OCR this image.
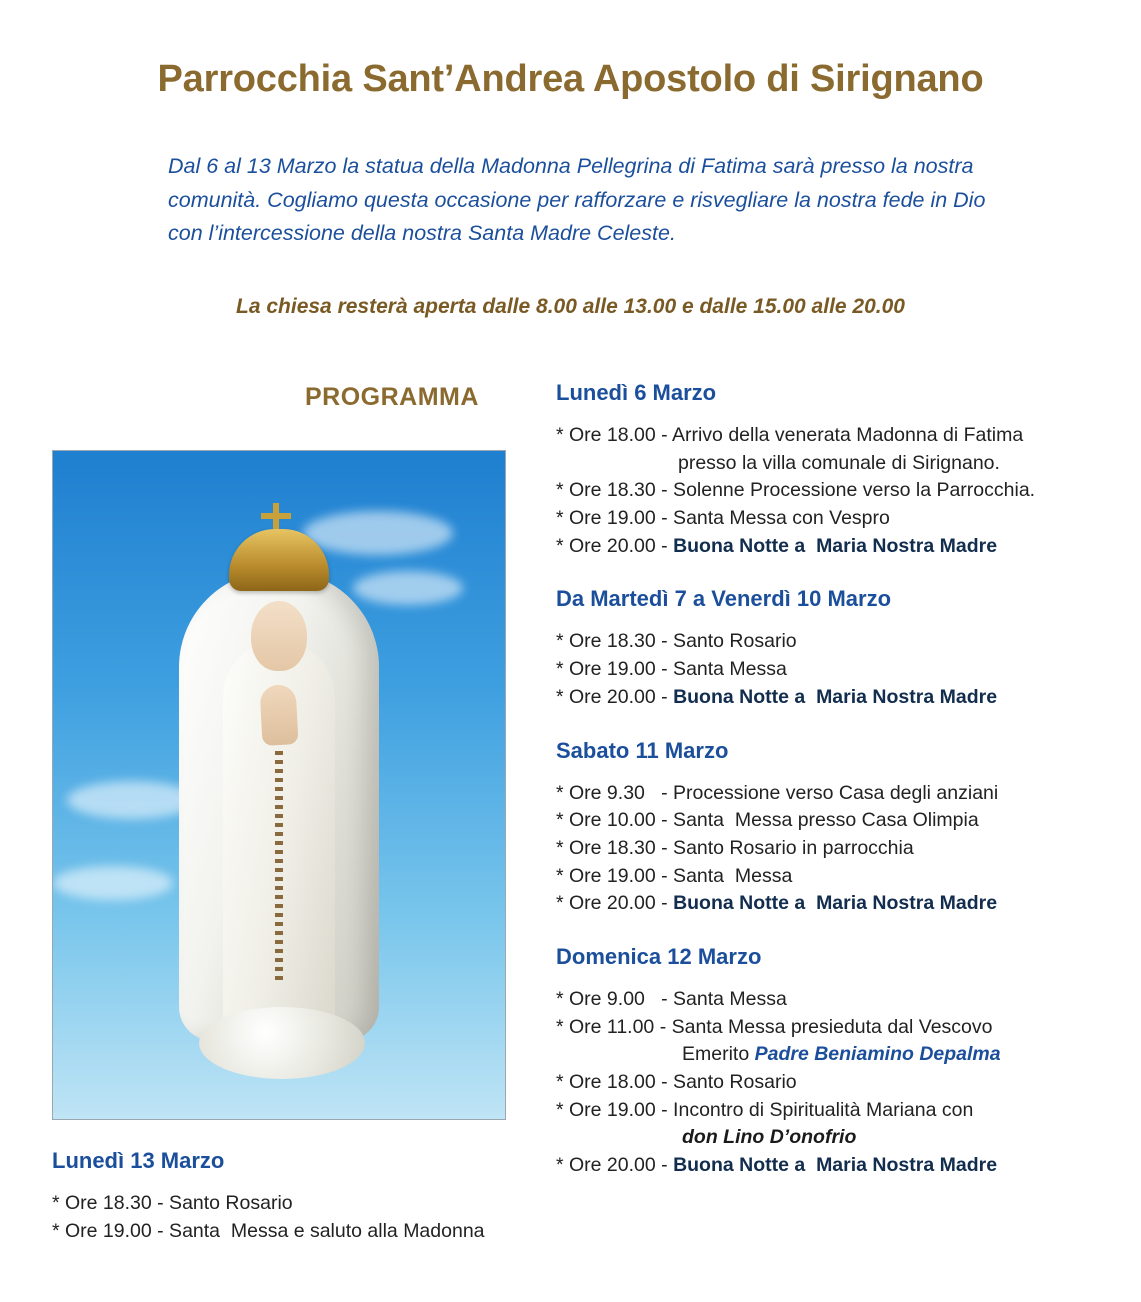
Parrocchia Sant’Andrea Apostolo di Sirignano
Dal 6 al 13 Marzo la statua della Madonna Pellegrina di Fatima sarà presso la nostra comunità. Cogliamo questa occasione per rafforzare e risvegliare la nostra fede in Dio con l’intercessione della nostra Santa Madre Celeste.
La chiesa resterà aperta dalle 8.00 alle 13.00 e dalle 15.00 alle 20.00
PROGRAMMA	Lunedì 6 Marzo
* Ore 18.00 - Arrivo della venerata Madonna di Fatima
presso la villa comunale di Sirignano.
* Ore 18.30 - Solenne Processione verso la Parrocchia.
* Ore 19.00 - Santa Messa con Vespro
* Ore 20.00 - Buona Notte a  Maria Nostra Madre
Da Martedì 7 a Venerdì 10 Marzo
* Ore 18.30 - Santo Rosario
* Ore 19.00 - Santa Messa
* Ore 20.00 - Buona Notte a  Maria Nostra Madre
Sabato 11 Marzo
* Ore 9.30   - Processione verso Casa degli anziani
* Ore 10.00 - Santa  Messa presso Casa Olimpia
* Ore 18.30 - Santo Rosario in parrocchia
* Ore 19.00 - Santa  Messa
* Ore 20.00 - Buona Notte a  Maria Nostra Madre
Domenica 12 Marzo
* Ore 9.00   - Santa Messa
* Ore 11.00 - Santa Messa presieduta dal Vescovo
Emerito Padre Beniamino Depalma
* Ore 18.00 - Santo Rosario
* Ore 19.00 - Incontro di Spiritualità Mariana con
don Lino D’onofrio
* Ore 20.00 - Buona Notte a  Maria Nostra Madre
Lunedì 13 Marzo
* Ore 18.30 - Santo Rosario
* Ore 19.00 - Santa  Messa e saluto alla Madonna
